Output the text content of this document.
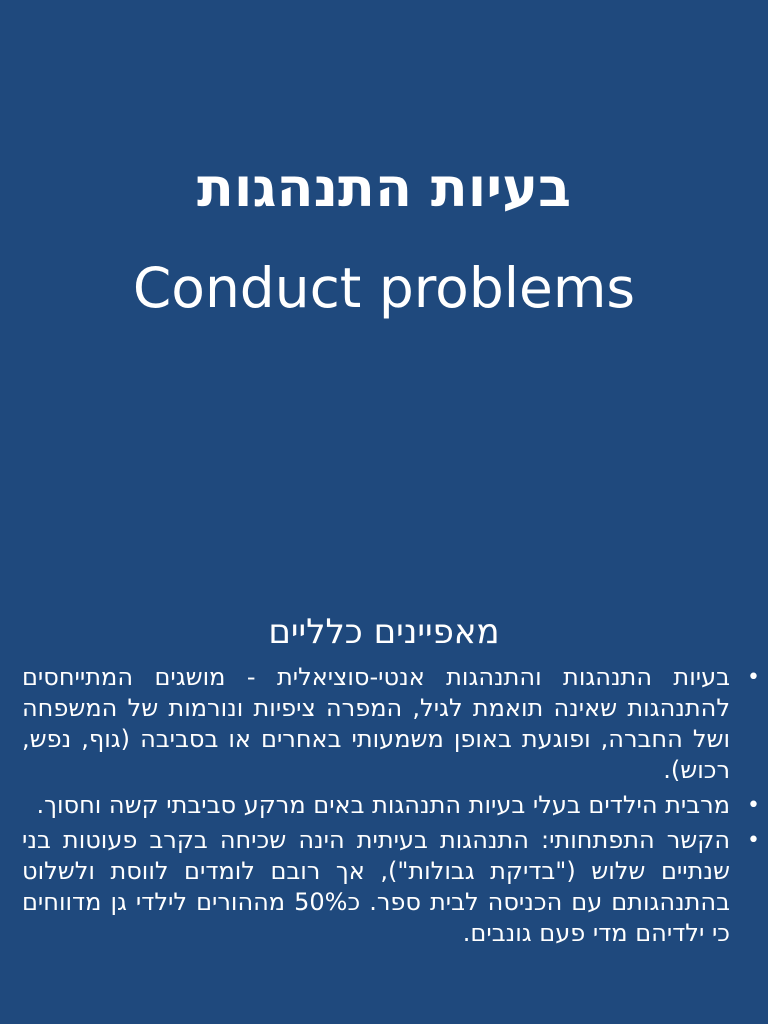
בעיות התנהגות
Conduct problems
מאפיינים כלליים
•
בעיות התנהגות והתנהגות אנטי-סוציאלית - מושגים המתייחסים להתנהגות שאינה תואמת לגיל, המפרה ציפיות ונורמות של המשפחה ושל החברה, ופוגעת באופן משמעותי באחרים או בסביבה (גוף, נפש, רכוש).
•
מרבית הילדים בעלי בעיות התנהגות באים מרקע סביבתי קשה וחסוך.
•
הקשר התפתחותי: התנהגות בעיתית הינה שכיחה בקרב פעוטות בני שנתיים שלוש ("בדיקת גבולות"), אך רובם לומדים לווסת ולשלוט בהתנהגותם עם הכניסה לבית ספר. כ50% מההורים לילדי גן מדווחים כי ילדיהם מדי פעם גונבים.
